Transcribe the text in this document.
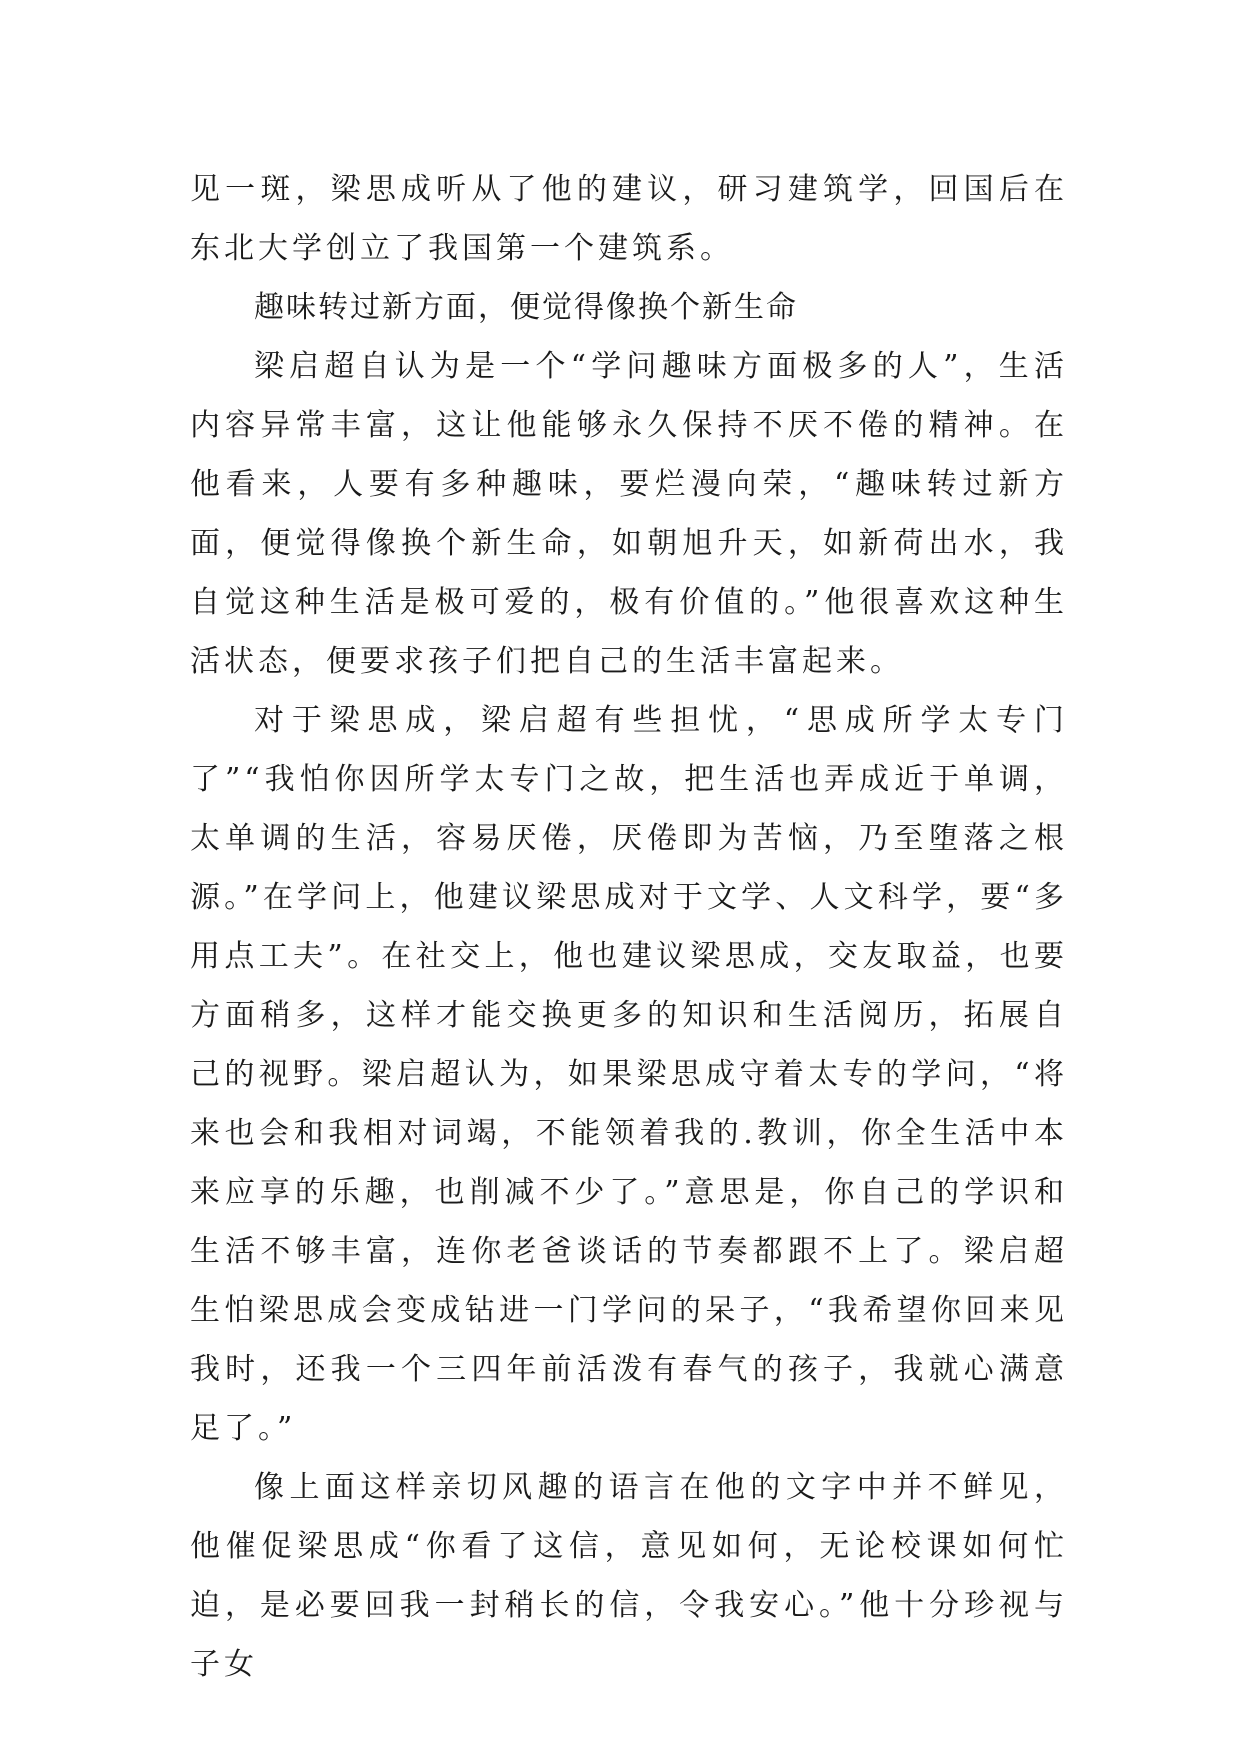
见一斑，梁思成听从了他的建议，研习建筑学，回国后在东北大学创立了我国第一个建筑系。

趣味转过新方面，便觉得像换个新生命

梁启超自认为是一个“学问趣味方面极多的人”，生活内容异常丰富，这让他能够永久保持不厌不倦的精神。在他看来，人要有多种趣味，要烂漫向荣，“趣味转过新方面，便觉得像换个新生命，如朝旭升天，如新荷出水，我自觉这种生活是极可爱的，极有价值的。”他很喜欢这种生活状态，便要求孩子们把自己的生活丰富起来。

对于梁思成，梁启超有些担忧，“思成所学太专门了”“我怕你因所学太专门之故，把生活也弄成近于单调，太单调的生活，容易厌倦，厌倦即为苦恼，乃至堕落之根源。”在学问上，他建议梁思成对于文学、人文科学，要“多用点工夫”。在社交上，他也建议梁思成，交友取益，也要方面稍多，这样才能交换更多的知识和生活阅历，拓展自己的视野。梁启超认为，如果梁思成守着太专的学问，“将来也会和我相对词竭，不能领着我的.教训，你全生活中本来应享的乐趣，也削减不少了。”意思是，你自己的学识和生活不够丰富，连你老爸谈话的节奏都跟不上了。梁启超生怕梁思成会变成钻进一门学问的呆子，“我希望你回来见我时，还我一个三四年前活泼有春气的孩子，我就心满意足了。”

像上面这样亲切风趣的语言在他的文字中并不鲜见，他催促梁思成“你看了这信，意见如何，无论校课如何忙迫，是必要回我一封稍长的信，令我安心。”他十分珍视与子女
